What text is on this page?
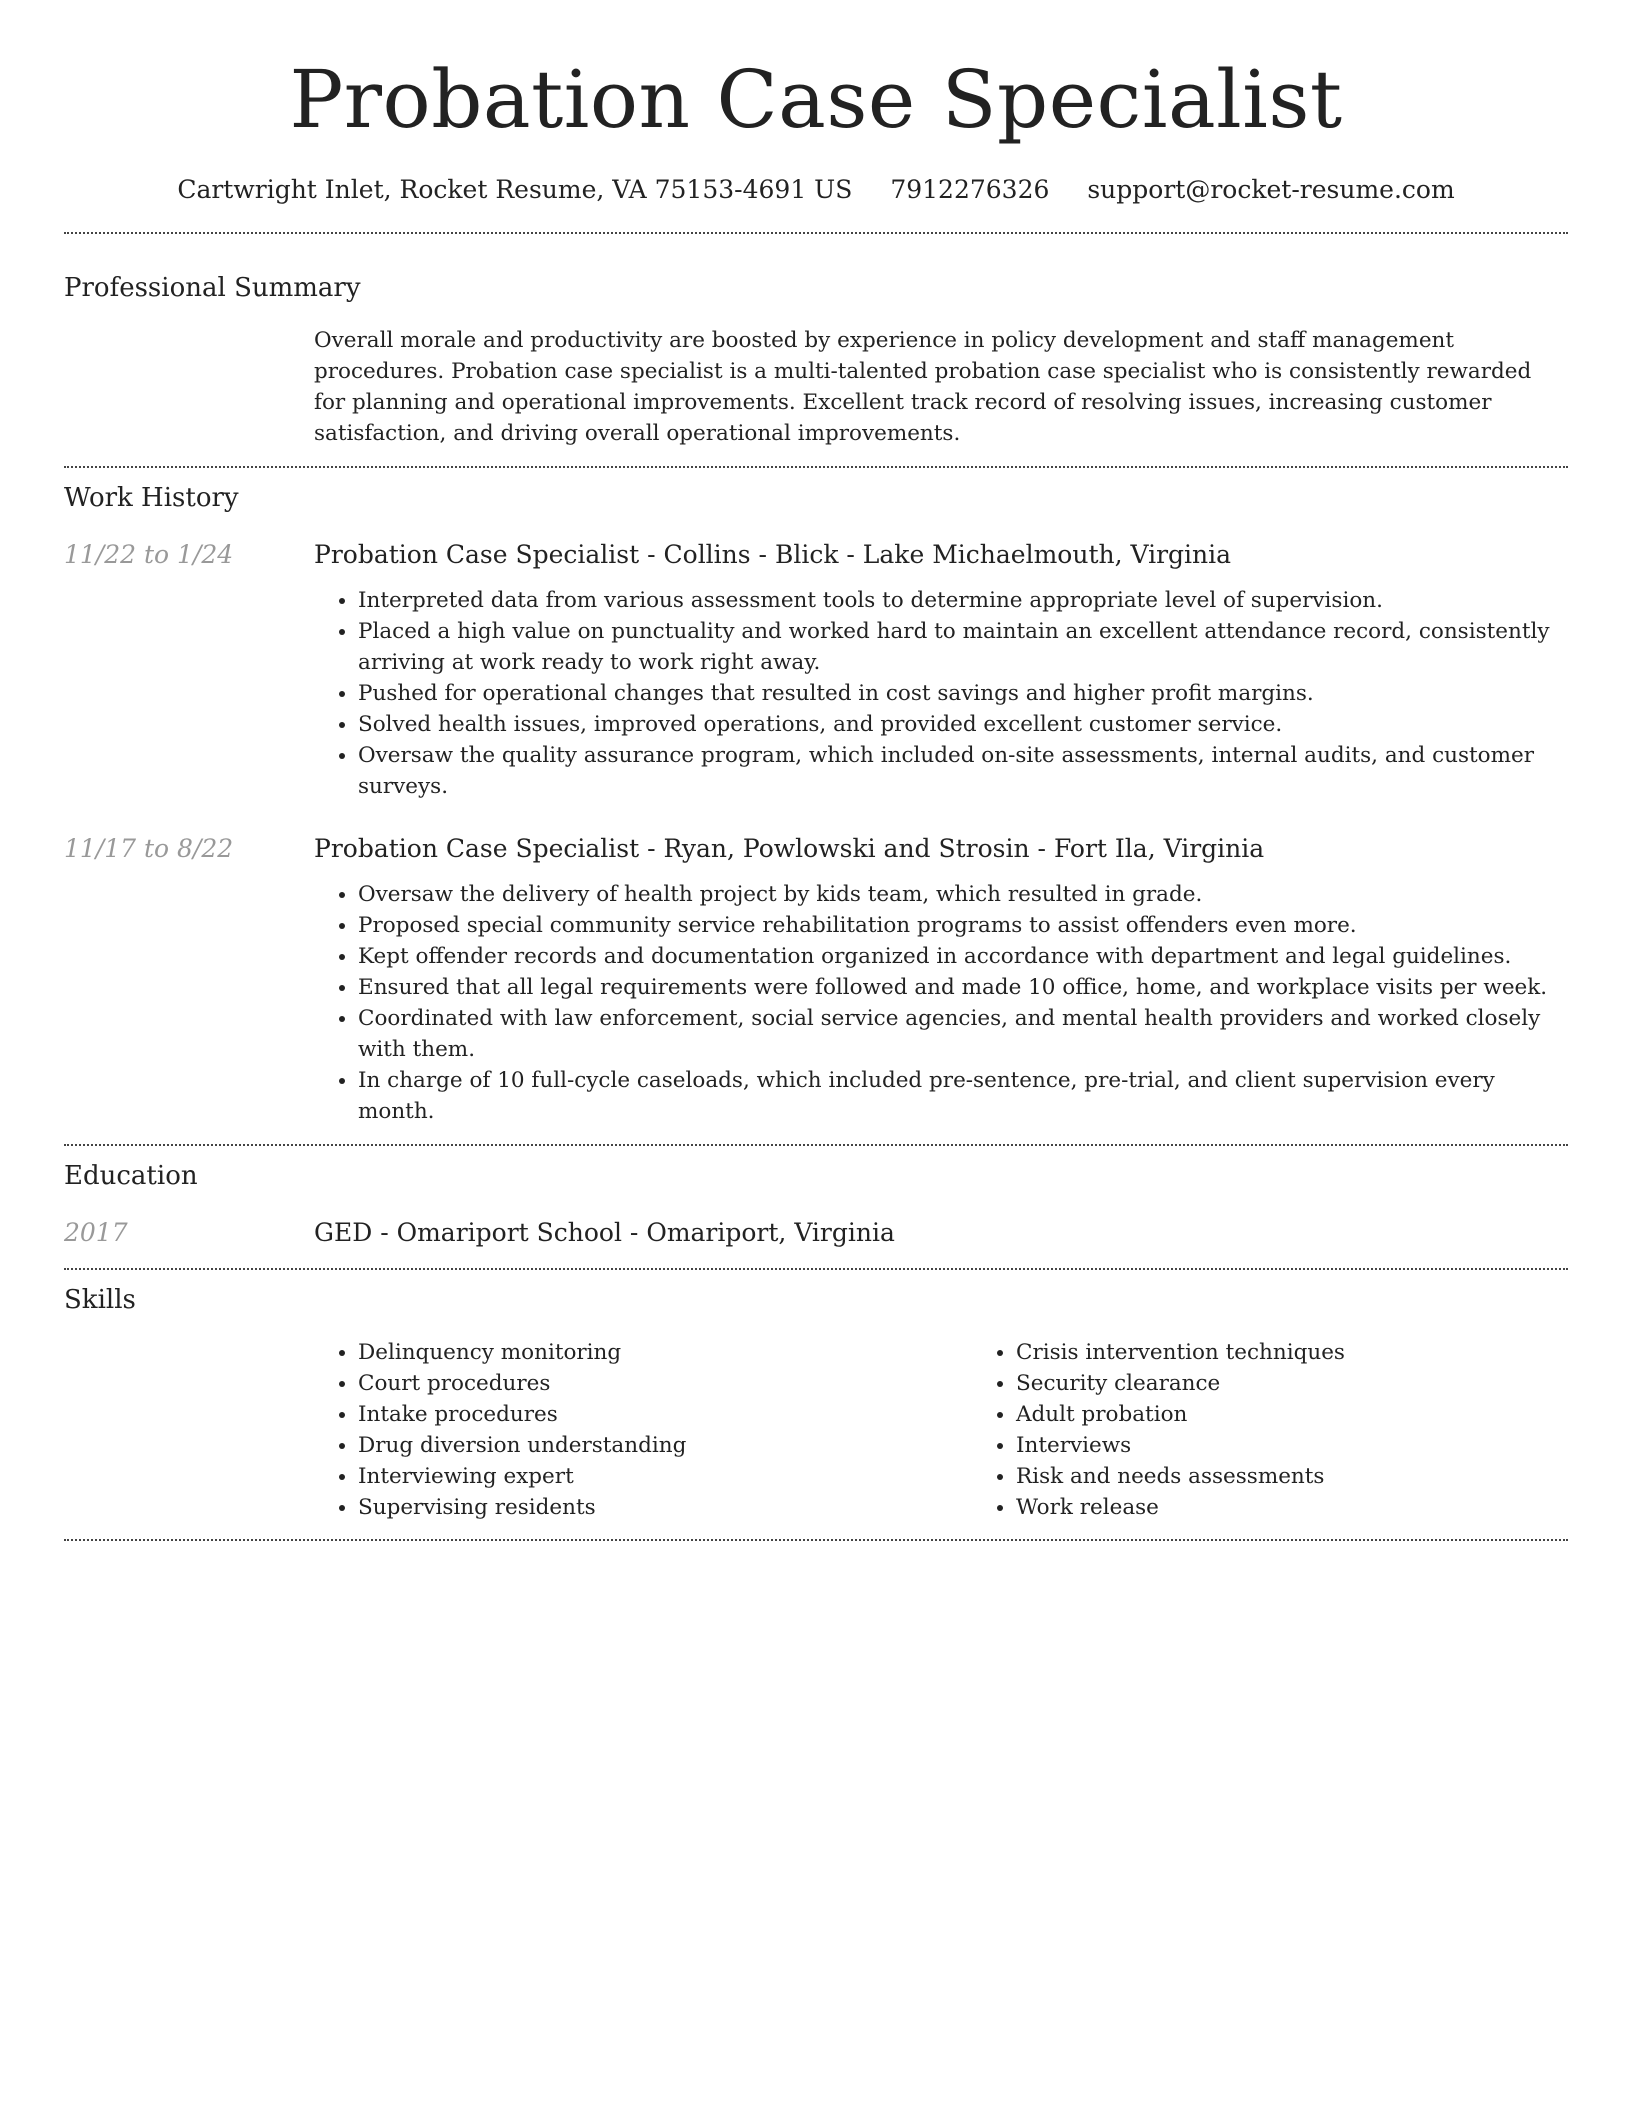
Probation Case Specialist
Cartwright Inlet, Rocket Resume, VA 75153-4691 US 7912276326 support@rocket-resume.com
Professional Summary
Overall morale and productivity are boosted by experience in policy development and staff management procedures. Probation case specialist is a multi-talented probation case specialist who is consistently rewarded for planning and operational improvements. Excellent track record of resolving issues, increasing customer satisfaction, and driving overall operational improvements.
Work History
11/22 to 1/24	Probation Case Specialist - Collins - Blick - Lake Michaelmouth, Virginia
• Interpreted data from various assessment tools to determine appropriate level of supervision.
• Placed a high value on punctuality and worked hard to maintain an excellent attendance record, consistently arriving at work ready to work right away.
• Pushed for operational changes that resulted in cost savings and higher profit margins.
• Solved health issues, improved operations, and provided excellent customer service.
• Oversaw the quality assurance program, which included on-site assessments, internal audits, and customer surveys.
11/17 to 8/22	Probation Case Specialist - Ryan, Powlowski and Strosin - Fort Ila, Virginia
• Oversaw the delivery of health project by kids team, which resulted in grade.
• Proposed special community service rehabilitation programs to assist offenders even more.
• Kept offender records and documentation organized in accordance with department and legal guidelines.
• Ensured that all legal requirements were followed and made 10 office, home, and workplace visits per week.
• Coordinated with law enforcement, social service agencies, and mental health providers and worked closely with them.
• In charge of 10 full-cycle caseloads, which included pre-sentence, pre-trial, and client supervision every month.
Education
2017	GED - Omariport School - Omariport, Virginia
Skills
• Delinquency monitoring
• Court procedures
• Intake procedures
• Drug diversion understanding
• Interviewing expert
• Supervising residents
• Crisis intervention techniques
• Security clearance
• Adult probation
• Interviews
• Risk and needs assessments
• Work release
